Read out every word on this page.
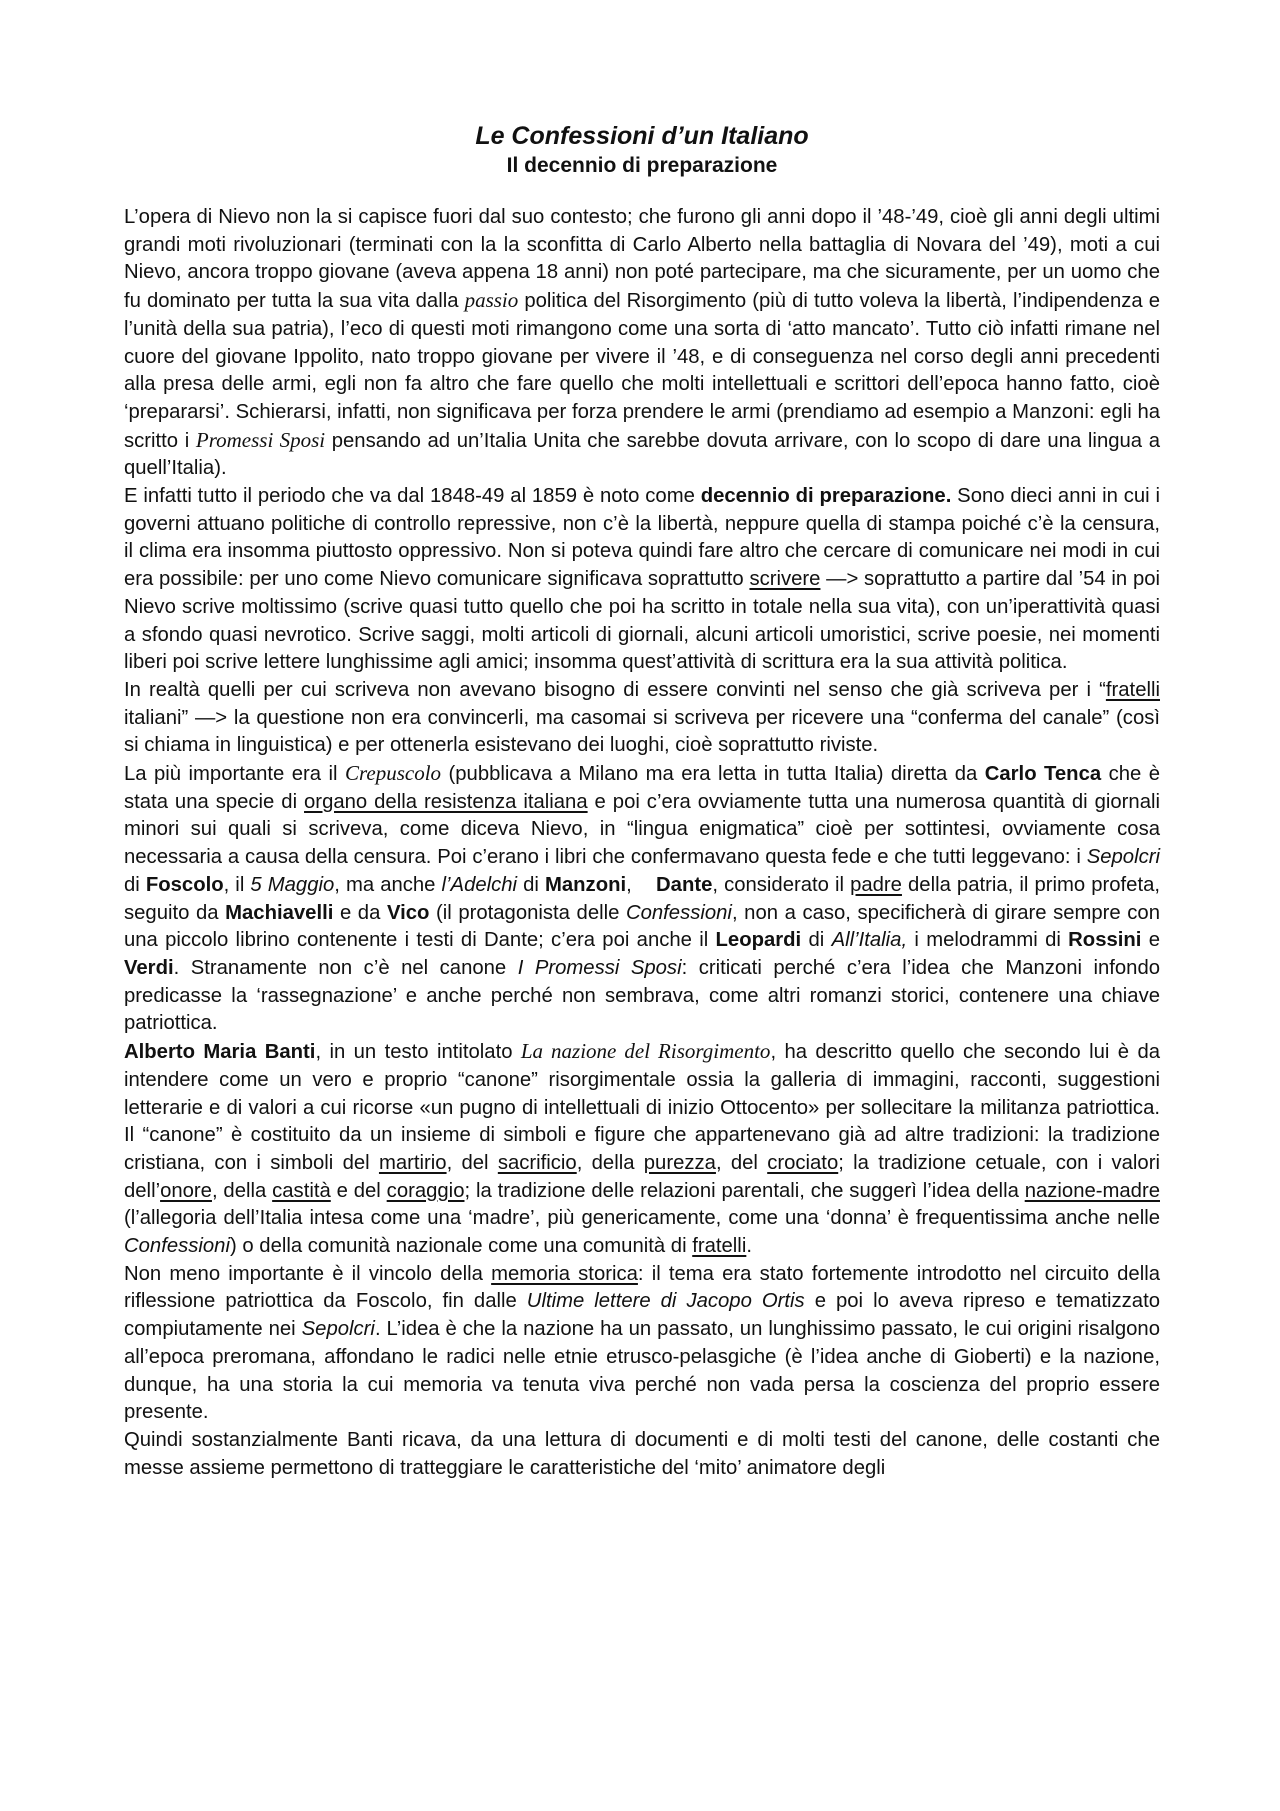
Le Confessioni d’un Italiano
Il decennio di preparazione

L’opera di Nievo non la si capisce fuori dal suo contesto; che furono gli anni dopo il ’48-’49, cioè gli anni degli ultimi grandi moti rivoluzionari (terminati con la la sconfitta di Carlo Alberto nella battaglia di Novara del ’49), moti a cui Nievo, ancora troppo giovane (aveva appena 18 anni) non poté partecipare, ma che sicuramente, per un uomo che fu dominato per tutta la sua vita dalla passio politica del Risorgimento (più di tutto voleva la libertà, l’indipendenza e l’unità della sua patria), l’eco di questi moti rimangono come una sorta di ‘atto mancato’. Tutto ciò infatti rimane nel cuore del giovane Ippolito, nato troppo giovane per vivere il ’48, e di conseguenza nel corso degli anni precedenti alla presa delle armi, egli non fa altro che fare quello che molti intellettuali e scrittori dell’epoca hanno fatto, cioè ‘prepararsi’. Schierarsi, infatti, non significava per forza prendere le armi (prendiamo ad esempio a Manzoni: egli ha scritto i Promessi Sposi pensando ad un’Italia Unita che sarebbe dovuta arrivare, con lo scopo di dare una lingua a quell’Italia).

E infatti tutto il periodo che va dal 1848-49 al 1859 è noto come decennio di preparazione. Sono dieci anni in cui i governi attuano politiche di controllo repressive, non c’è la libertà, neppure quella di stampa poiché c’è la censura, il clima era insomma piuttosto oppressivo. Non si poteva quindi fare altro che cercare di comunicare nei modi in cui era possibile: per uno come Nievo comunicare significava soprattutto scrivere —> soprattutto a partire dal ’54 in poi Nievo scrive moltissimo (scrive quasi tutto quello che poi ha scritto in totale nella sua vita), con un’iperattività quasi a sfondo quasi nevrotico. Scrive saggi, molti articoli di giornali, alcuni articoli umoristici, scrive poesie, nei momenti liberi poi scrive lettere lunghissime agli amici; insomma quest’attività di scrittura era la sua attività politica.

In realtà quelli per cui scriveva non avevano bisogno di essere convinti nel senso che già scriveva per i “fratelli italiani” —> la questione non era convincerli, ma casomai si scriveva per ricevere una “conferma del canale” (così si chiama in linguistica) e per ottenerla esistevano dei luoghi, cioè soprattutto riviste.

La più importante era il Crepuscolo (pubblicava a Milano ma era letta in tutta Italia) diretta da Carlo Tenca che è stata una specie di organo della resistenza italiana e poi c’era ovviamente tutta una numerosa quantità di giornali minori sui quali si scriveva, come diceva Nievo, in “lingua enigmatica” cioè per sottintesi, ovviamente cosa necessaria a causa della censura. Poi c’erano i libri che confermavano questa fede e che tutti leggevano: i Sepolcri di Foscolo, il 5 Maggio, ma anche l’Adelchi di Manzoni,    Dante, considerato il padre della patria, il primo profeta, seguito da Machiavelli e da Vico (il protagonista delle Confessioni, non a caso, specificherà di girare sempre con una piccolo librino contenente i testi di Dante; c’era poi anche il Leopardi di All’Italia, i melodrammi di Rossini e Verdi. Stranamente non c’è nel canone I Promessi Sposi: criticati perché c’era l’idea che Manzoni infondo predicasse la ‘rassegnazione’ e anche perché non sembrava, come altri romanzi storici, contenere una chiave patriottica.

Alberto Maria Banti, in un testo intitolato La nazione del Risorgimento, ha descritto quello che secondo lui è da intendere come un vero e proprio “canone” risorgimentale ossia la galleria di immagini, racconti, suggestioni letterarie e di valori a cui ricorse «un pugno di intellettuali di inizio Ottocento» per sollecitare la militanza patriottica. Il “canone” è costituito da un insieme di simboli e figure che appartenevano già ad altre tradizioni: la tradizione cristiana, con i simboli del martirio, del sacrificio, della purezza, del crociato; la tradizione cetuale, con i valori dell’onore, della castità e del coraggio; la tradizione delle relazioni parentali, che suggerì l’idea della nazione-madre (l’allegoria dell’Italia intesa come una ‘madre’, più genericamente, come una ‘donna’ è frequentissima anche nelle Confessioni) o della comunità nazionale come una comunità di fratelli.

Non meno importante è il vincolo della memoria storica: il tema era stato fortemente introdotto nel circuito della riflessione patriottica da Foscolo, fin dalle Ultime lettere di Jacopo Ortis e poi lo aveva ripreso e tematizzato compiutamente nei Sepolcri. L’idea è che la nazione ha un passato, un lunghissimo passato, le cui origini risalgono all’epoca preromana, affondano le radici nelle etnie etrusco-pelasgiche (è l’idea anche di Gioberti) e la nazione, dunque, ha una storia la cui memoria va tenuta viva perché non vada persa la coscienza del proprio essere presente.

Quindi sostanzialmente Banti ricava, da una lettura di documenti e di molti testi del canone, delle costanti che messe assieme permettono di tratteggiare le caratteristiche del ‘mito’ animatore degli
